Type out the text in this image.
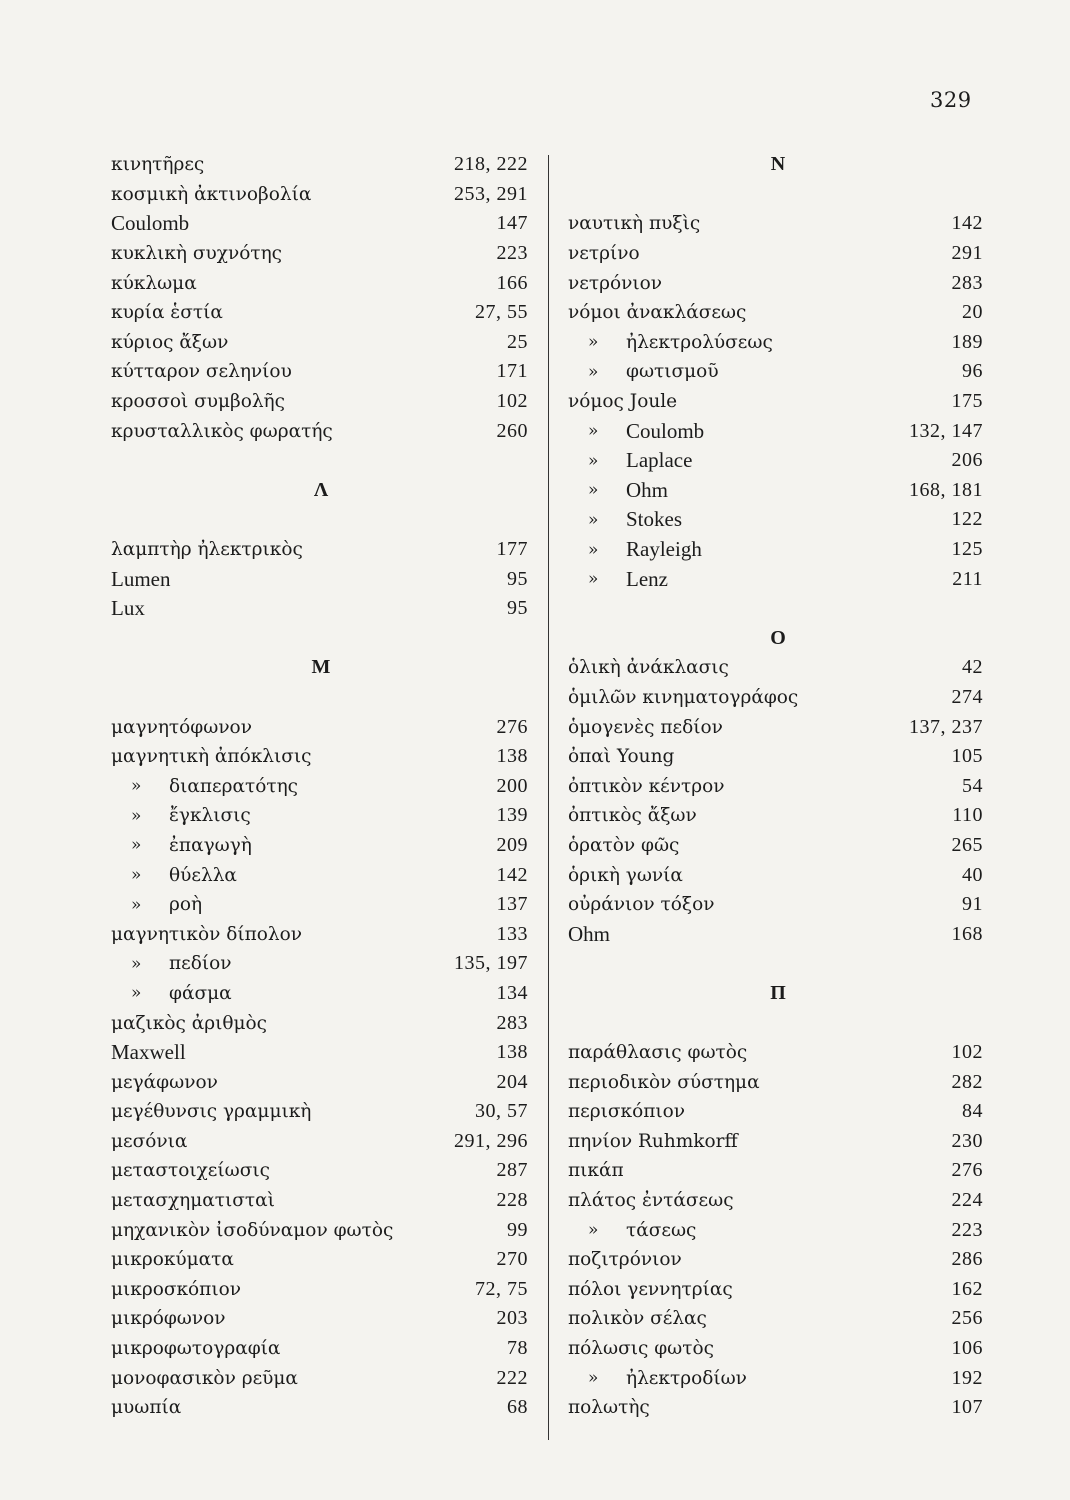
329
κινητῆρες	218, 222
κοσμικὴ ἀκτινοβολία	253, 291
Coulomb	147
κυκλικὴ συχνότης	223
κύκλωμα	166
κυρία ἑστία	27, 55
κύριος ἄξων	25
κύτταρον σεληνίου	171
κροσσοὶ συμβολῆς	102
κρυσταλλικὸς φωρατής	260
Λ
λαμπτὴρ ἠλεκτρικὸς	177
Lumen	95
Lux	95
Μ
μαγνητόφωνον	276
μαγνητικὴ ἀπόκλισις	138
»	διαπερατότης	200
»	ἔγκλισις	139
»	ἐπαγωγὴ	209
»	θύελλα	142
»	ροὴ	137
μαγνητικὸν δίπολον	133
»	πεδίον	135, 197
»	φάσμα	134
μαζικὸς ἀριθμὸς	283
Maxwell	138
μεγάφωνον	204
μεγέθυνσις γραμμικὴ	30, 57
μεσόνια	291, 296
μεταστοιχείωσις	287
μετασχηματισταὶ	228
μηχανικὸν ἰσοδύναμον φωτὸς	99
μικροκύματα	270
μικροσκόπιον	72, 75
μικρόφωνον	203
μικροφωτογραφία	78
μονοφασικὸν ρεῦμα	222
μυωπία	68
Ν
ναυτικὴ πυξὶς	142
νετρίνο	291
νετρόνιον	283
νόμοι ἀνακλάσεως	20
»	ἠλεκτρολύσεως	189
»	φωτισμοῦ	96
νόμος Joule	175
»	Coulomb	132, 147
»	Laplace	206
»	Ohm	168, 181
»	Stokes	122
»	Rayleigh	125
»	Lenz	211
Ο
ὁλικὴ ἀνάκλασις	42
ὁμιλῶν κινηματογράφος	274
ὁμογενὲς πεδίον	137, 237
ὀπαὶ Young	105
ὀπτικὸν κέντρον	54
ὀπτικὸς ἄξων	110
ὁρατὸν φῶς	265
ὁρικὴ γωνία	40
οὐράνιον τόξον	91
Ohm	168
Π
παράθλασις φωτὸς	102
περιοδικὸν σύστημα	282
περισκόπιον	84
πηνίον Ruhmkorff	230
πικάπ	276
πλάτος ἐντάσεως	224
»	τάσεως	223
ποζιτρόνιον	286
πόλοι γεννητρίας	162
πολικὸν σέλας	256
πόλωσις φωτὸς	106
»	ἠλεκτροδίων	192
πολωτὴς	107
